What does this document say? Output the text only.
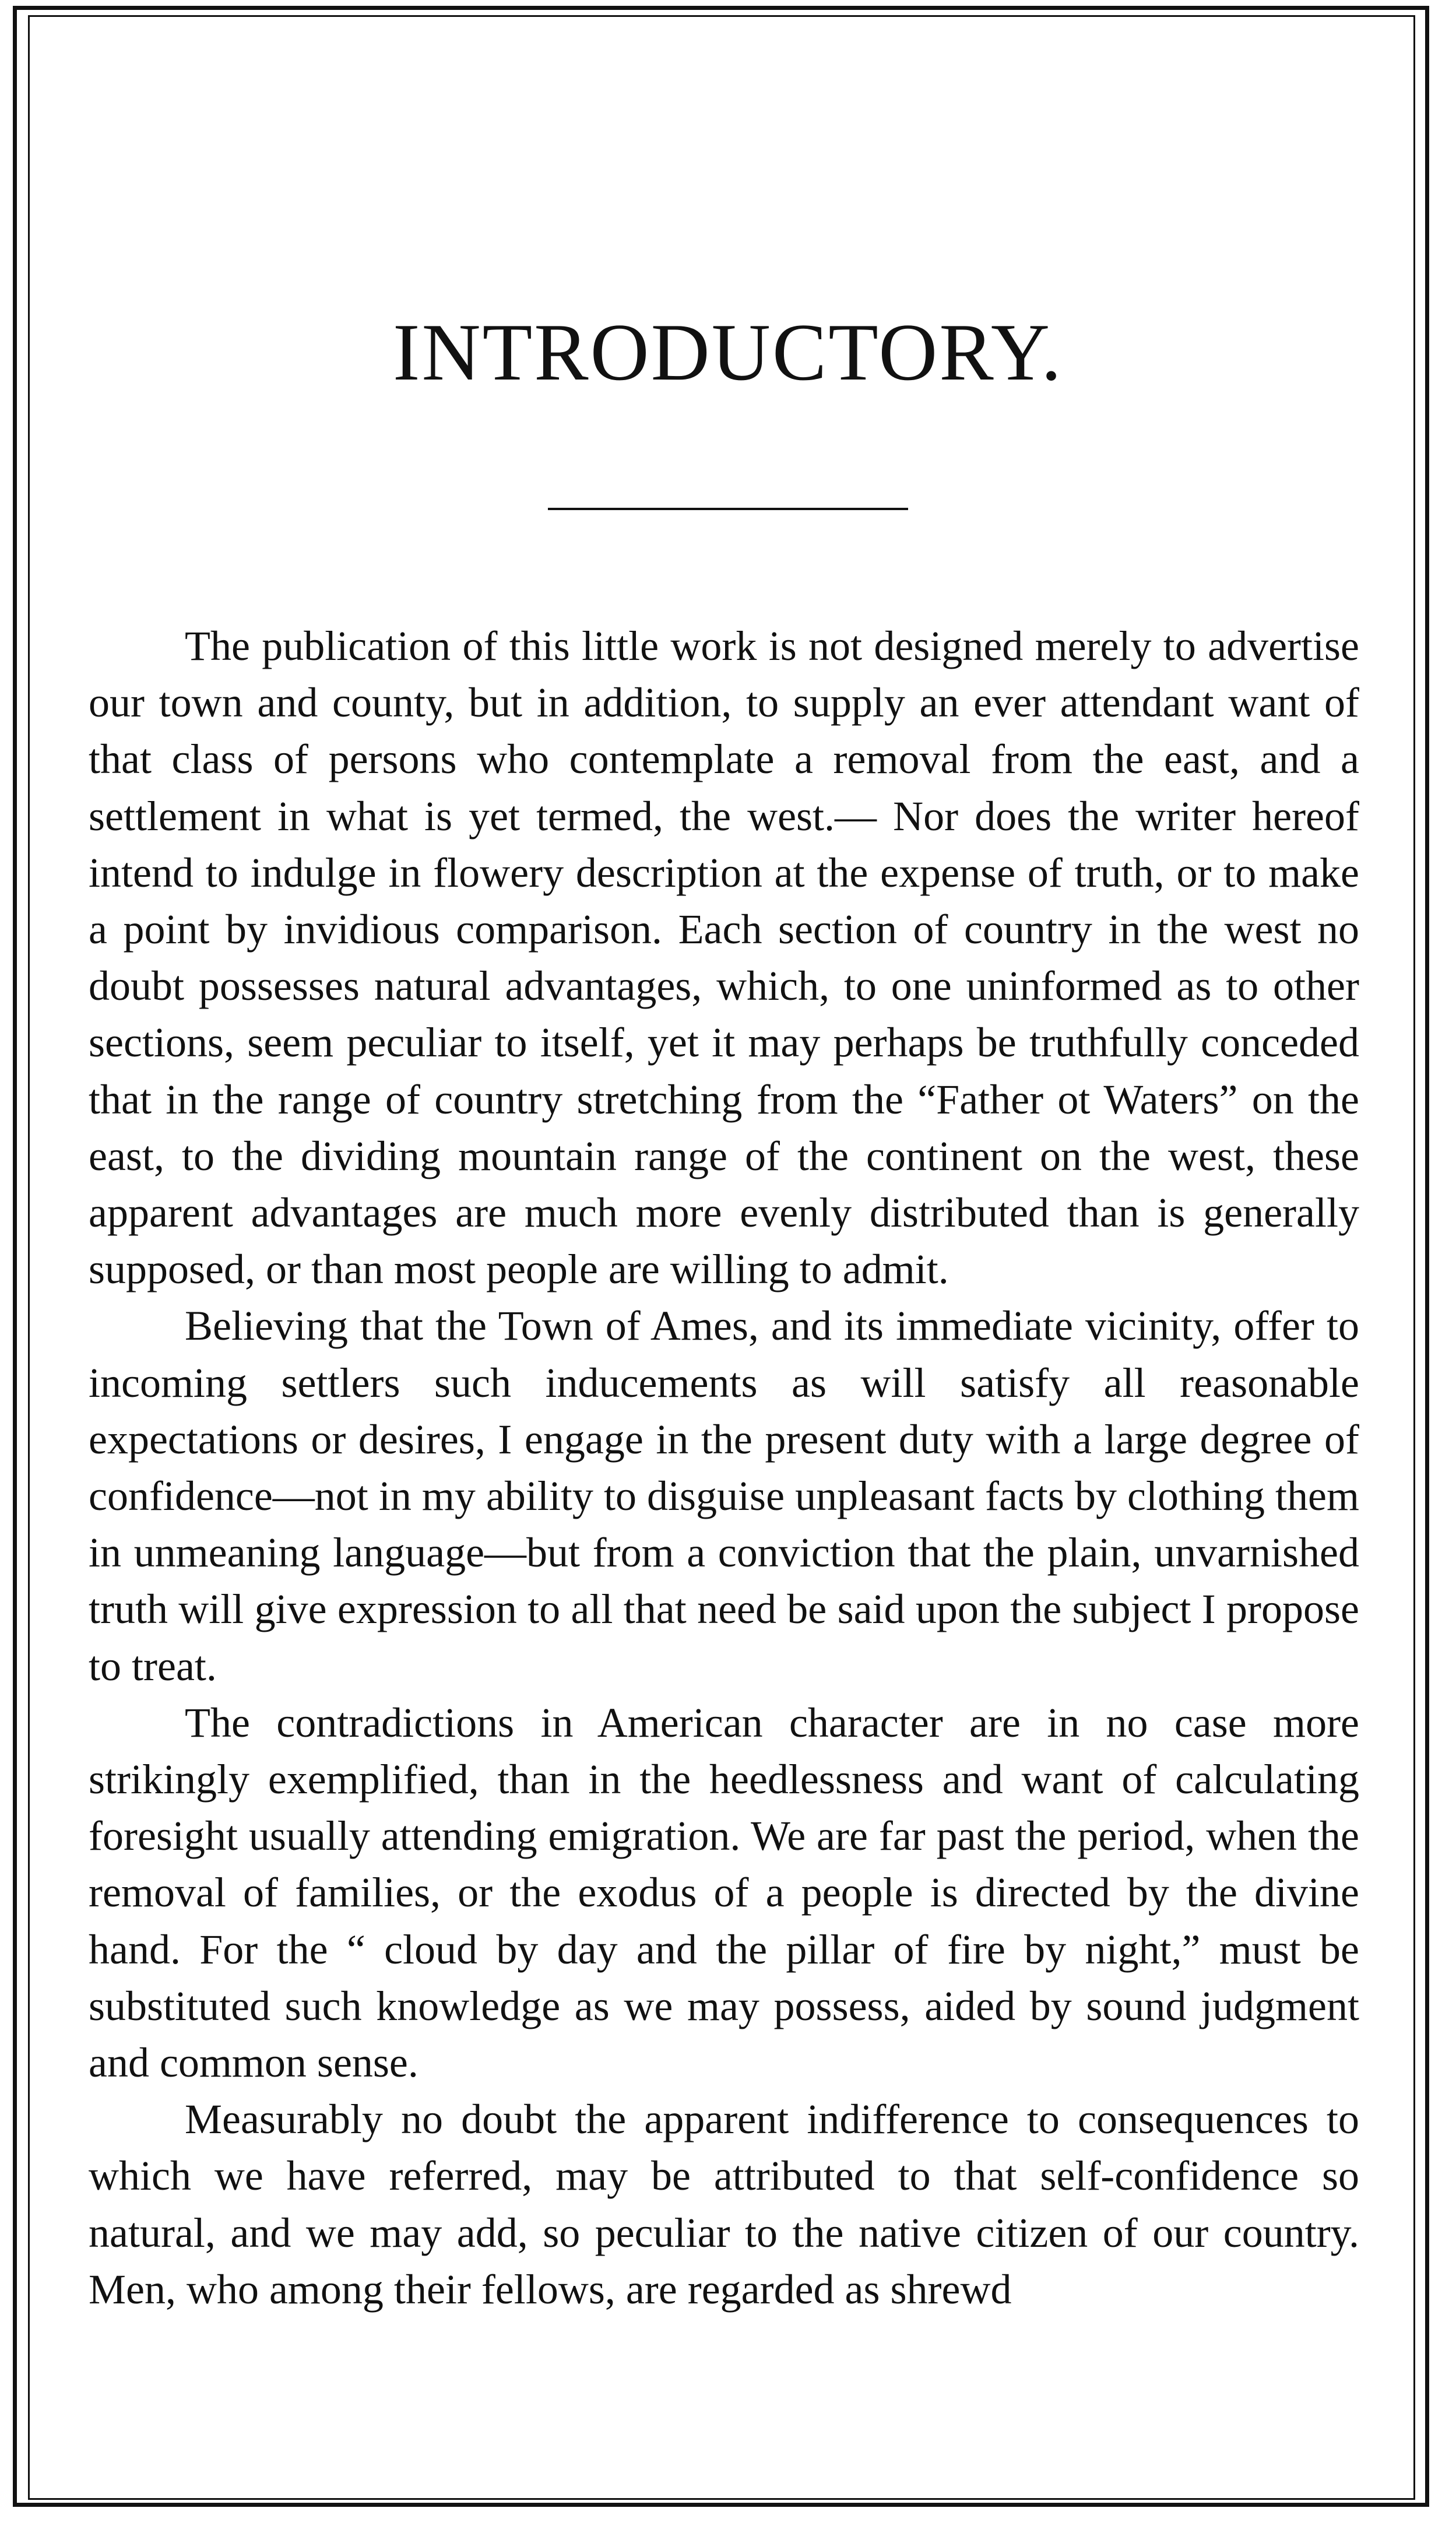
INTRODUCTORY.

The publication of this little work is not designed merely to advertise our town and county, but in addition, to supply an ever attendant want of that class of persons who contemplate a removal from the east, and a settlement in what is yet termed, the west.— Nor does the writer hereof intend to indulge in flowery description at the expense of truth, or to make a point by invidious comparison. Each section of country in the west no doubt possesses natural advantages, which, to one uninformed as to other sections, seem peculiar to itself, yet it may perhaps be truthfully conceded that in the range of country stretching from the “Father ot Waters” on the east, to the dividing mountain range of the continent on the west, these apparent advantages are much more evenly distributed than is generally supposed, or than most people are willing to admit.

Believing that the Town of Ames, and its immediate vicinity, offer to incoming settlers such inducements as will satisfy all reasonable expectations or desires, I engage in the present duty with a large degree of confidence—not in my ability to disguise unpleasant facts by clothing them in unmeaning language—but from a conviction that the plain, unvarnished truth will give expression to all that need be said upon the subject I propose to treat.

The contradictions in American character are in no case more strikingly exemplified, than in the heedlessness and want of calculating foresight usually attending emigration. We are far past the period, when the removal of families, or the exodus of a people is directed by the divine hand. For the “ cloud by day and the pillar of fire by night,” must be substituted such knowledge as we may possess, aided by sound judgment and common sense.

Measurably no doubt the apparent indifference to consequences to which we have referred, may be attributed to that self-confidence so natural, and we may add, so peculiar to the native citizen of our country. Men, who among their fellows, are regarded as shrewd
